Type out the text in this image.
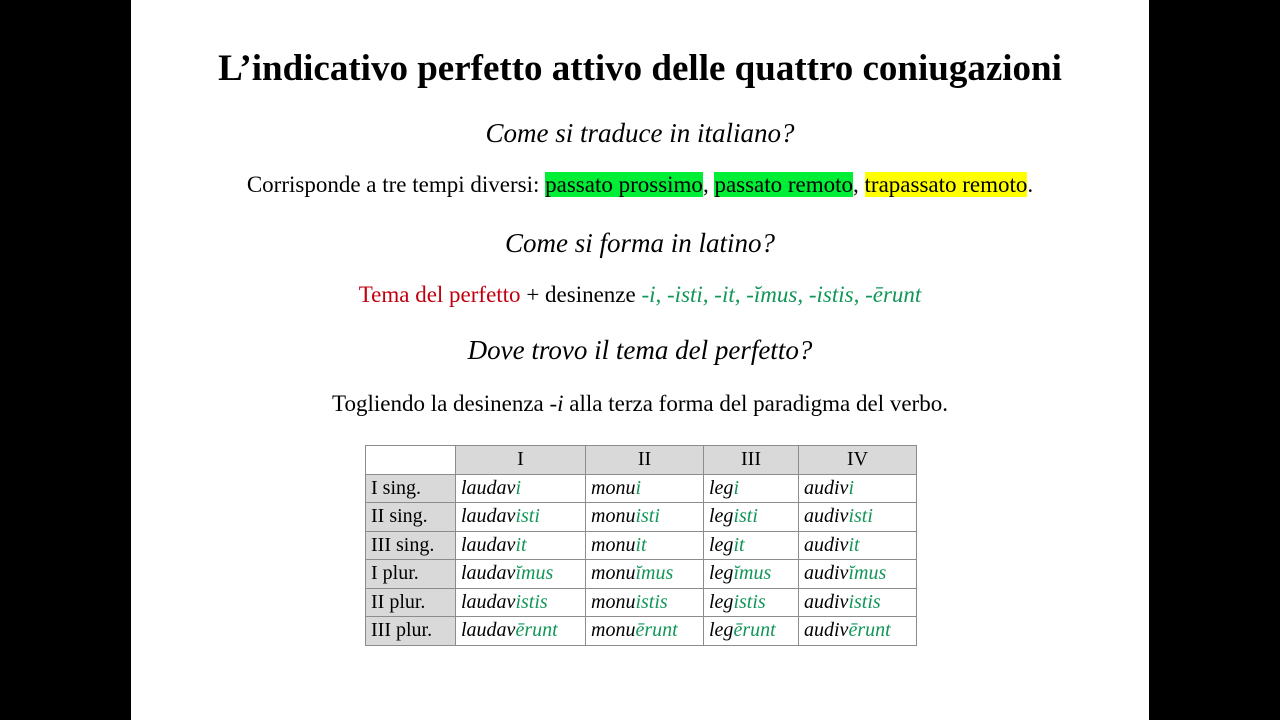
L’indicativo perfetto attivo delle quattro coniugazioni
Come si traduce in italiano?
Corrisponde a tre tempi diversi: passato prossimo, passato remoto, trapassato remoto.
Come si forma in latino?
Tema del perfetto + desinenze -i, -isti, -it, -ĭmus, -istis, -ērunt
Dove trovo il tema del perfetto?
Togliendo la desinenza -i alla terza forma del paradigma del verbo.
	I	II	III	IV
I sing.	laudavi	monui	legi	audivi
II sing.	laudavisti	monuisti	legisti	audivisti
III sing.	laudavit	monuit	legit	audivit
I plur.	laudavĭmus	monuĭmus	legĭmus	audivĭmus
II plur.	laudavistis	monuistis	legistis	audivistis
III plur.	laudavērunt	monuērunt	legērunt	audivērunt
